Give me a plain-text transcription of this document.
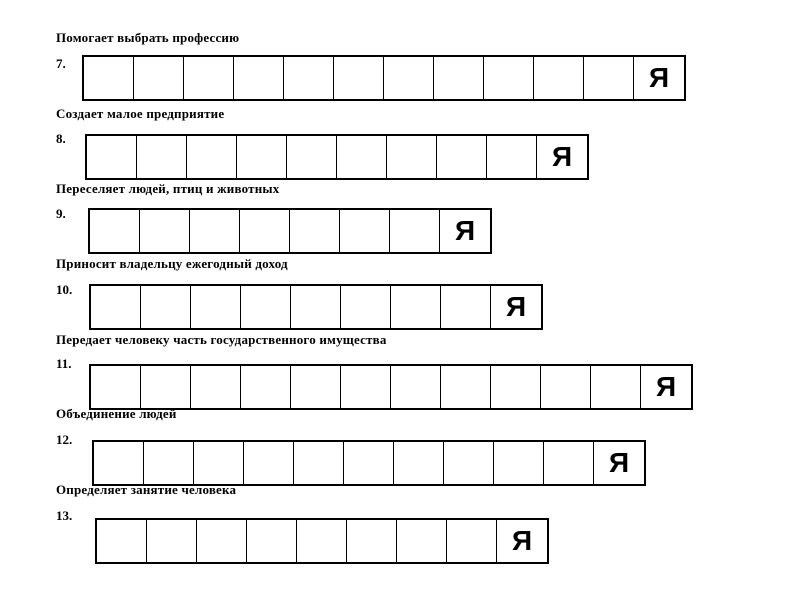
Помогает выбрать профессию
7.	Я
Создает малое предприятие
8.
Я
Переселяет людей, птиц и животных
9.
Я
Приносит владельцу ежегодный доход
10.
Я
Передает человеку часть государственного имущества
11.
Я
Объединение людей
12.
Я
Определяет занятие человека
13.
Я
